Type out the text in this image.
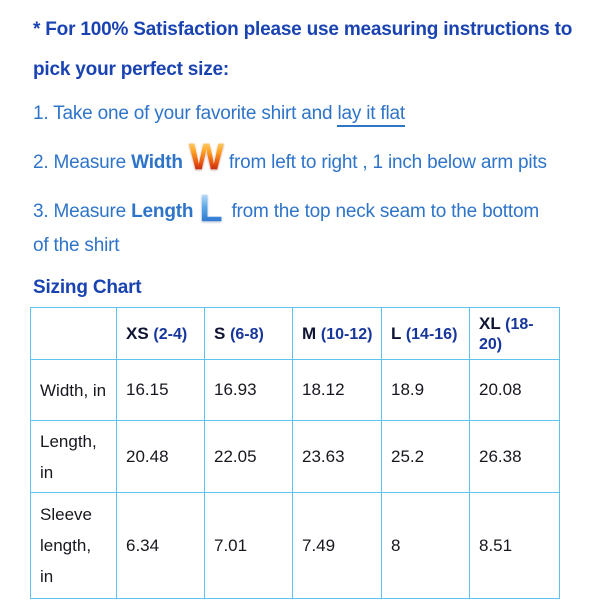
* For 100% Satisfaction please use measuring instructions to pick your perfect size:

1. Take one of your favorite shirt and lay it flat

2. Measure Width W from left to right , 1 inch below arm pits

3. Measure Length L from the top neck seam to the bottom of the shirt

Sizing Chart

	XS (2-4)	S (6-8)	M (10-12)	L (14-16)	XL (18-20)
Width, in	16.15	16.93	18.12	18.9	20.08
Length, in	20.48	22.05	23.63	25.2	26.38
Sleeve length, in	6.34	7.01	7.49	8	8.51
